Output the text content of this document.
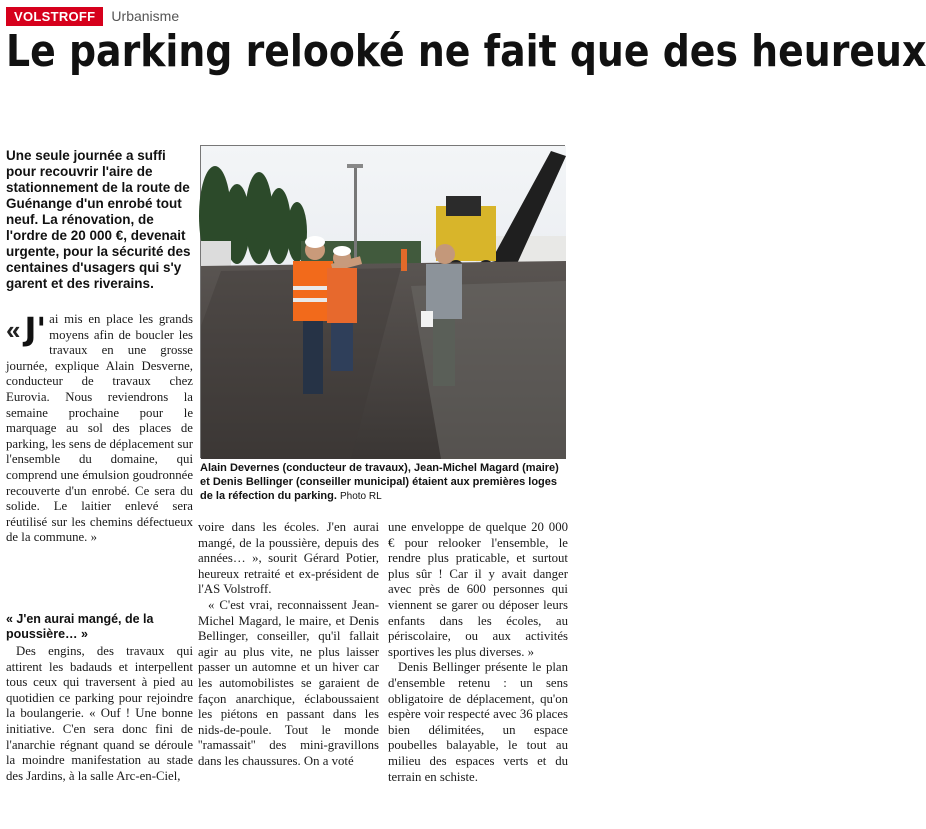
VOLSTROFF	Urbanisme
Le parking relooké ne fait que des heureux

Une seule journée a suffi pour recouvrir l'aire de stationnement de la route de Guénange d'un enrobé tout neuf. La rénovation, de l'ordre de 20 000 €, devenait urgente, pour la sécurité des centaines d'usagers qui s'y garent et des riverains.

Alain Devernes (conducteur de travaux), Jean-Michel Magard (maire) et Denis Bellinger (conseiller municipal) étaient aux premières loges de la réfection du parking. Photo RL

« J' ai mis en place les grands moyens afin de boucler les travaux en une grosse journée, explique Alain Desverne, conducteur de travaux chez Eurovia. Nous reviendrons la semaine prochaine pour le marquage au sol des places de parking, les sens de déplacement sur l'ensemble du domaine, qui comprend une émulsion goudronnée recouverte d'un enrobé. Ce sera du solide. Le laitier enlevé sera réutilisé sur les chemins défectueux de la commune. »

« J'en aurai mangé, de la poussière… »

Des engins, des travaux qui attirent les badauds et interpellent tous ceux qui traversent à pied au quotidien ce parking pour rejoindre la boulangerie. « Ouf ! Une bonne initiative. C'en sera donc fini de l'anarchie régnant quand se déroule la moindre manifestation au stade des Jardins, à la salle Arc-en-Ciel,

voire dans les écoles. J'en aurai mangé, de la poussière, depuis des années… », sourit Gérard Potier, heureux retraité et ex-président de l'AS Volstroff.

« C'est vrai, reconnaissent Jean-Michel Magard, le maire, et Denis Bellinger, conseiller, qu'il fallait agir au plus vite, ne plus laisser passer un automne et un hiver car les automobilistes se garaient de façon anarchique, éclaboussaient les piétons en passant dans les nids-de-poule. Tout le monde ''ramassait'' des mini-gravillons dans les chaussures. On a voté

une enveloppe de quelque 20 000 € pour relooker l'ensemble, le rendre plus praticable, et surtout plus sûr ! Car il y avait danger avec près de 600 personnes qui viennent se garer ou déposer leurs enfants dans les écoles, au périscolaire, ou aux activités sportives les plus diverses. »

Denis Bellinger présente le plan d'ensemble retenu : un sens obligatoire de déplacement, qu'on espère voir respecté avec 36 places bien délimitées, un espace poubelles balayable, le tout au milieu des espaces verts et du terrain en schiste.
